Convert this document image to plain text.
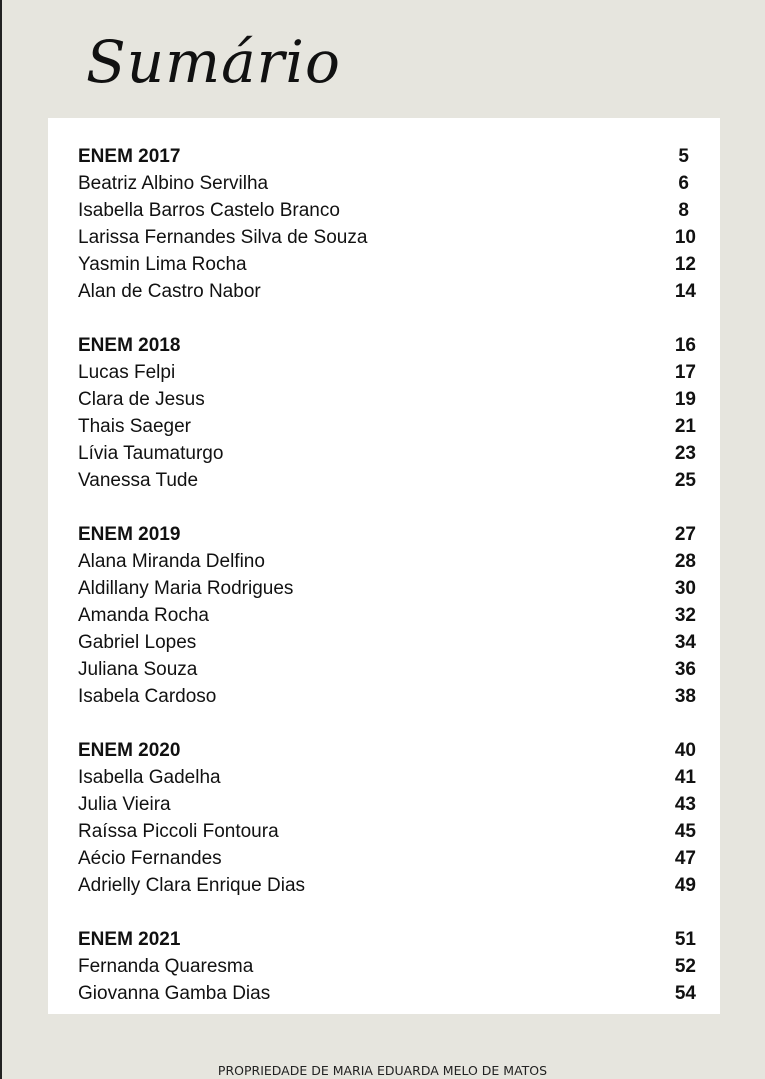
Sumário
ENEM 2017	5
Beatriz Albino Servilha	6
Isabella Barros Castelo Branco	8
Larissa Fernandes Silva de Souza	10
Yasmin Lima Rocha	12
Alan de Castro Nabor	14
ENEM 2018	16
Lucas Felpi	17
Clara de Jesus	19
Thais Saeger	21
Lívia Taumaturgo	23
Vanessa Tude	25
ENEM 2019	27
Alana Miranda Delfino	28
Aldillany Maria Rodrigues	30
Amanda Rocha	32
Gabriel Lopes	34
Juliana Souza	36
Isabela Cardoso	38
ENEM 2020	40
Isabella Gadelha	41
Julia Vieira	43
Raíssa Piccoli Fontoura	45
Aécio Fernandes	47
Adrielly Clara Enrique Dias	49
ENEM 2021	51
Fernanda Quaresma	52
Giovanna Gamba Dias	54
PROPRIEDADE DE MARIA EDUARDA MELO DE MATOS
